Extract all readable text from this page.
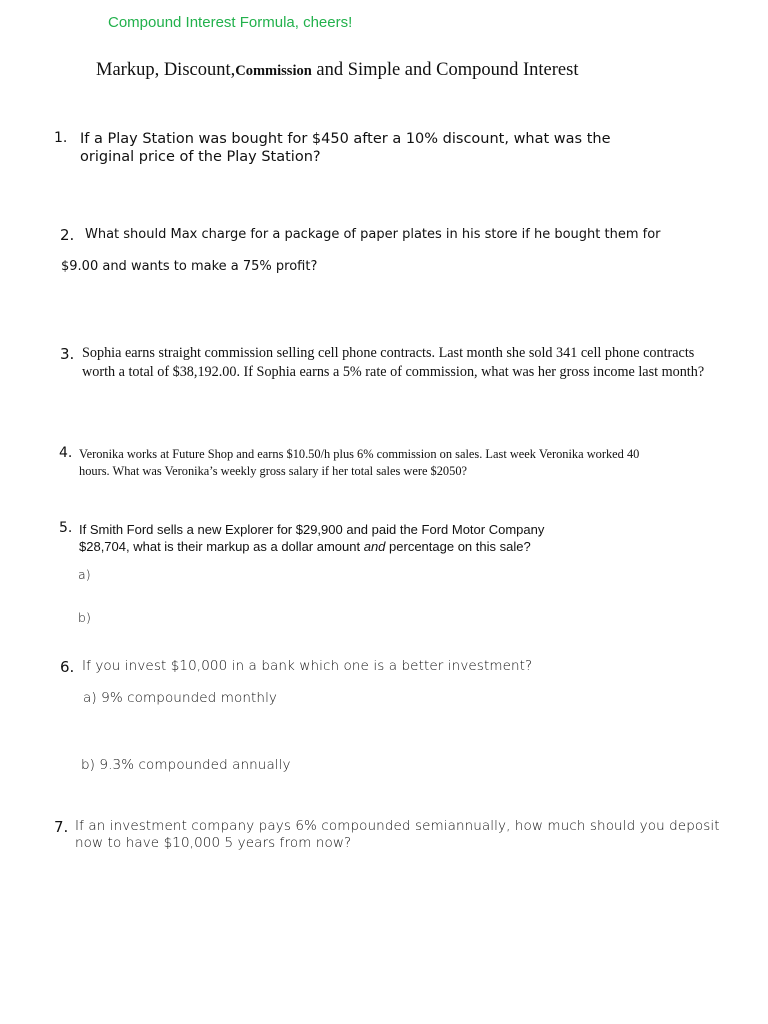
Compound Interest Formula, cheers!
Markup, Discount,Commission and Simple and Compound Interest
1. If a Play Station was bought for $450 after a 10% discount, what was the
original price of the Play Station?
2. What should Max charge for a package of paper plates in his store if he bought them for
$9.00 and wants to make a 75% profit?
3. Sophia earns straight commission selling cell phone contracts. Last month she sold 341 cell phone contracts
worth a total of $38,192.00. If Sophia earns a 5% rate of commission, what was her gross income last month?
4. Veronika works at Future Shop and earns $10.50/h plus 6% commission on sales. Last week Veronika worked 40
hours. What was Veronika’s weekly gross salary if her total sales were $2050?
5. If Smith Ford sells a new Explorer for $29,900 and paid the Ford Motor Company
$28,704, what is their markup as a dollar amount and percentage on this sale?
a)
b)
6. If you invest $10,000 in a bank which one is a better investment?
a) 9% compounded monthly
b) 9.3% compounded annually
7. If an investment company pays 6% compounded semiannually, how much should you deposit
now to have $10,000 5 years from now?
